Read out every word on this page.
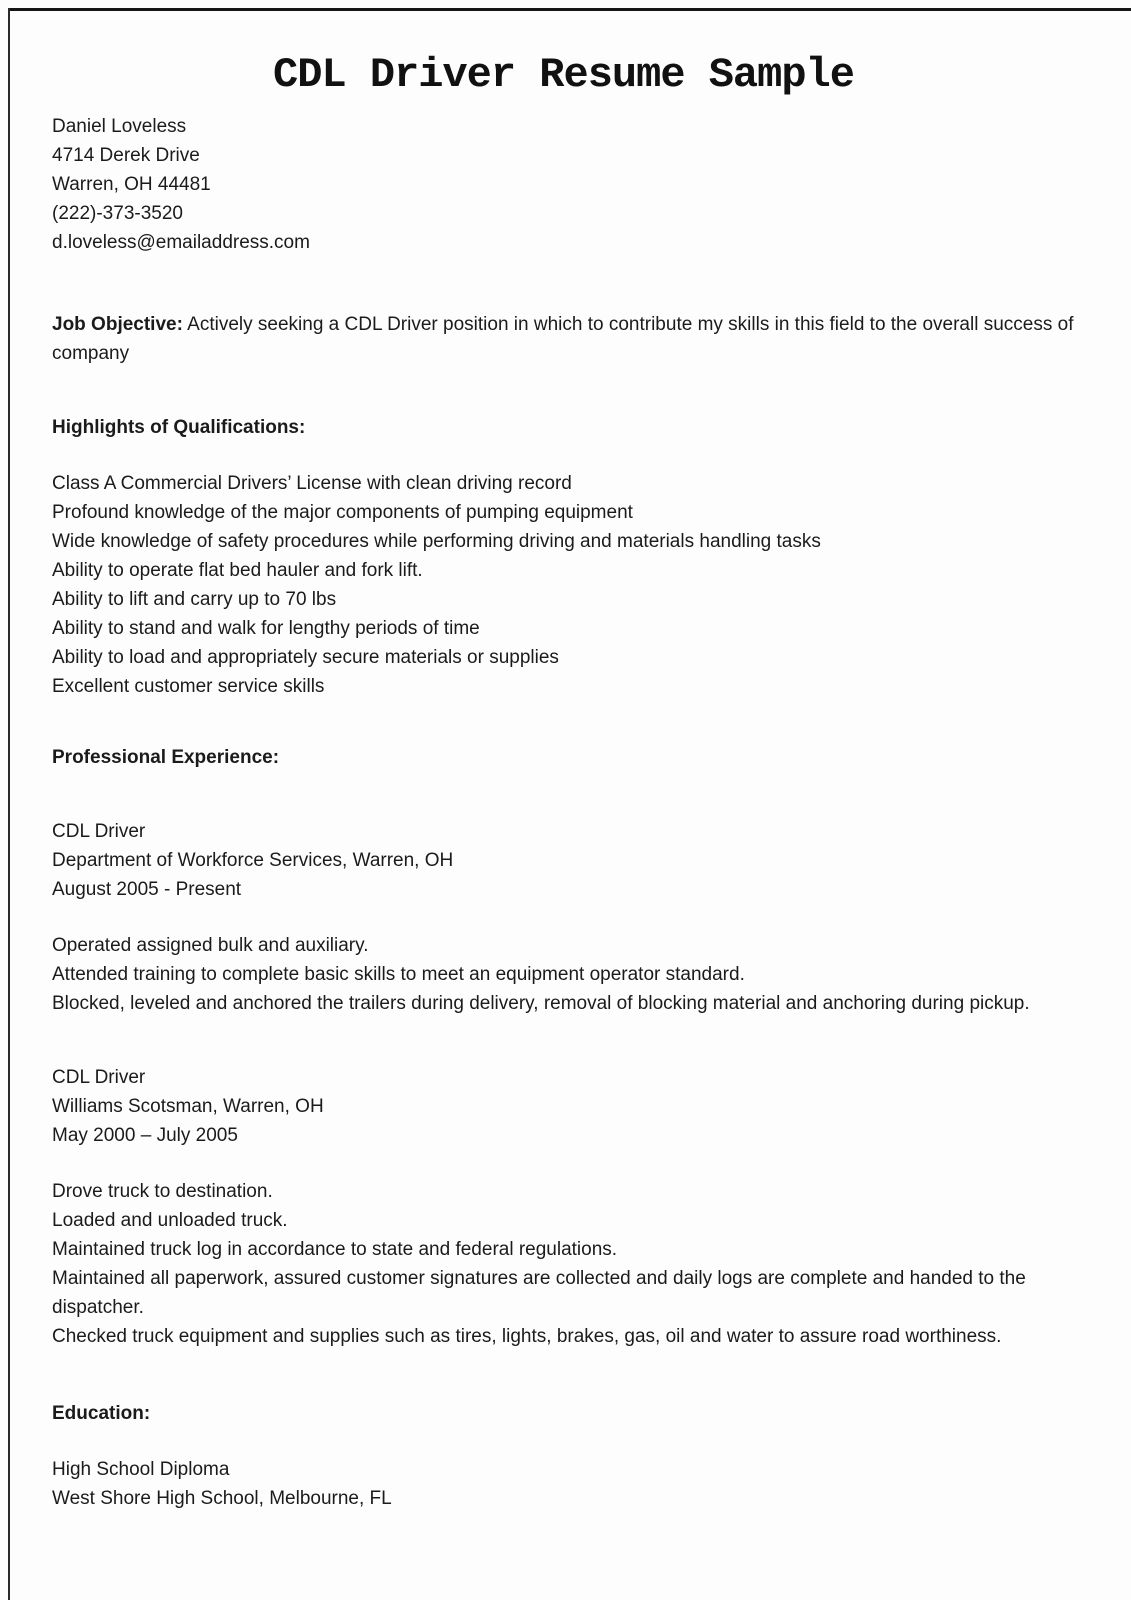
CDL Driver Resume Sample
Daniel Loveless
4714 Derek Drive
Warren, OH 44481
(222)-373-3520
d.loveless@emailaddress.com
Job Objective: Actively seeking a CDL Driver position in which to contribute my skills in this field to the overall success of company
Highlights of Qualifications:
Class A Commercial Drivers’ License with clean driving record
Profound knowledge of the major components of pumping equipment
Wide knowledge of safety procedures while performing driving and materials handling tasks
Ability to operate flat bed hauler and fork lift.
Ability to lift and carry up to 70 lbs
Ability to stand and walk for lengthy periods of time
Ability to load and appropriately secure materials or supplies
Excellent customer service skills
Professional Experience:
CDL Driver
Department of Workforce Services, Warren, OH
August 2005 - Present
Operated assigned bulk and auxiliary.
Attended training to complete basic skills to meet an equipment operator standard.
Blocked, leveled and anchored the trailers during delivery, removal of blocking material and anchoring during pickup.
CDL Driver
Williams Scotsman, Warren, OH
May 2000 – July 2005
Drove truck to destination.
Loaded and unloaded truck.
Maintained truck log in accordance to state and federal regulations.
Maintained all paperwork, assured customer signatures are collected and daily logs are complete and handed to the dispatcher.
Checked truck equipment and supplies such as tires, lights, brakes, gas, oil and water to assure road worthiness.
Education:
High School Diploma
West Shore High School, Melbourne, FL
